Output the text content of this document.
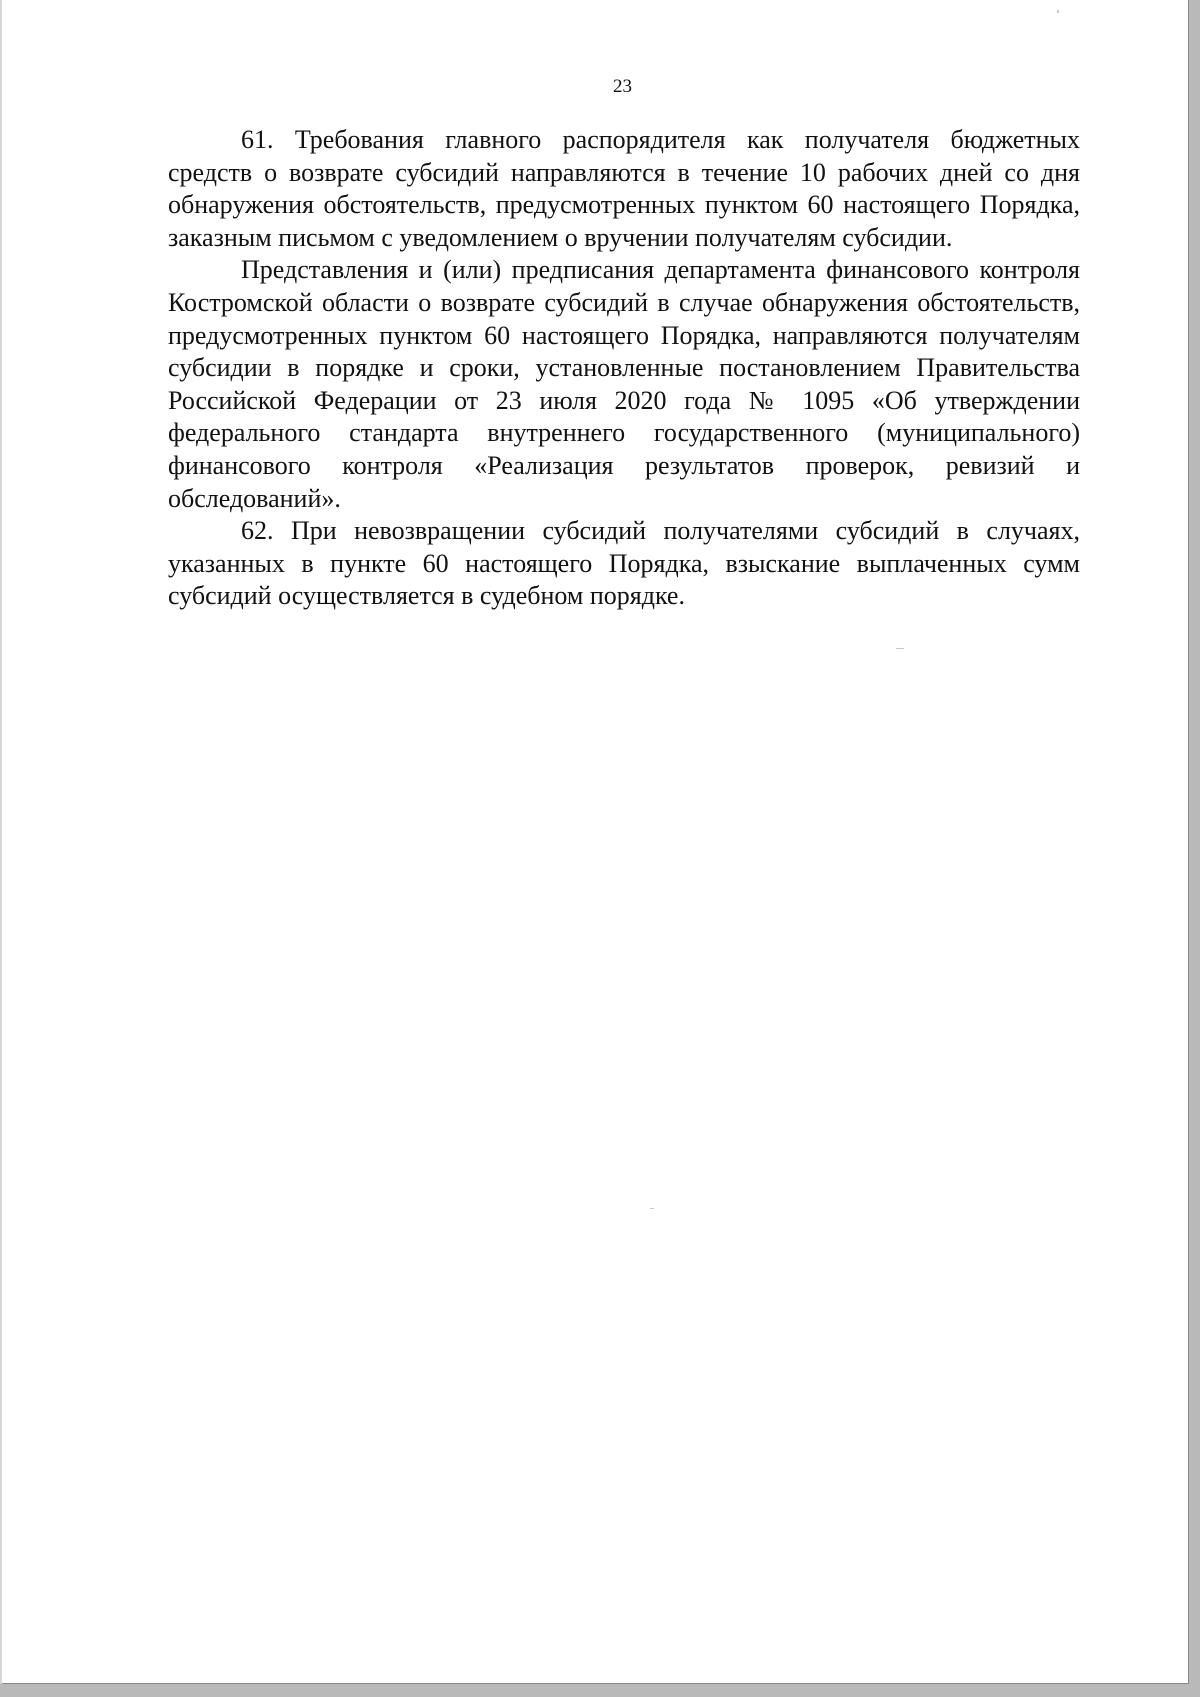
23

61. Требования главного распорядителя как получателя бюджетных средств о возврате субсидий направляются в течение 10 рабочих дней со дня обнаружения обстоятельств, предусмотренных пунктом 60 настоящего Порядка, заказным письмом с уведомлением о вручении получателям субсидии.

Представления и (или) предписания департамента финансового контроля Костромской области о возврате субсидий в случае обнаружения обстоятельств, предусмотренных пунктом 60 настоящего Порядка, направляются получателям субсидии в порядке и сроки, установленные постановлением Правительства Российской Федерации от 23 июля 2020 года № 1095 «Об утверждении федерального стандарта внутреннего государственного (муниципального) финансового контроля «Реализация результатов проверок, ревизий и обследований».

62. При невозвращении субсидий получателями субсидий в случаях, указанных в пункте 60 настоящего Порядка, взыскание выплаченных сумм субсидий осуществляется в судебном порядке.
